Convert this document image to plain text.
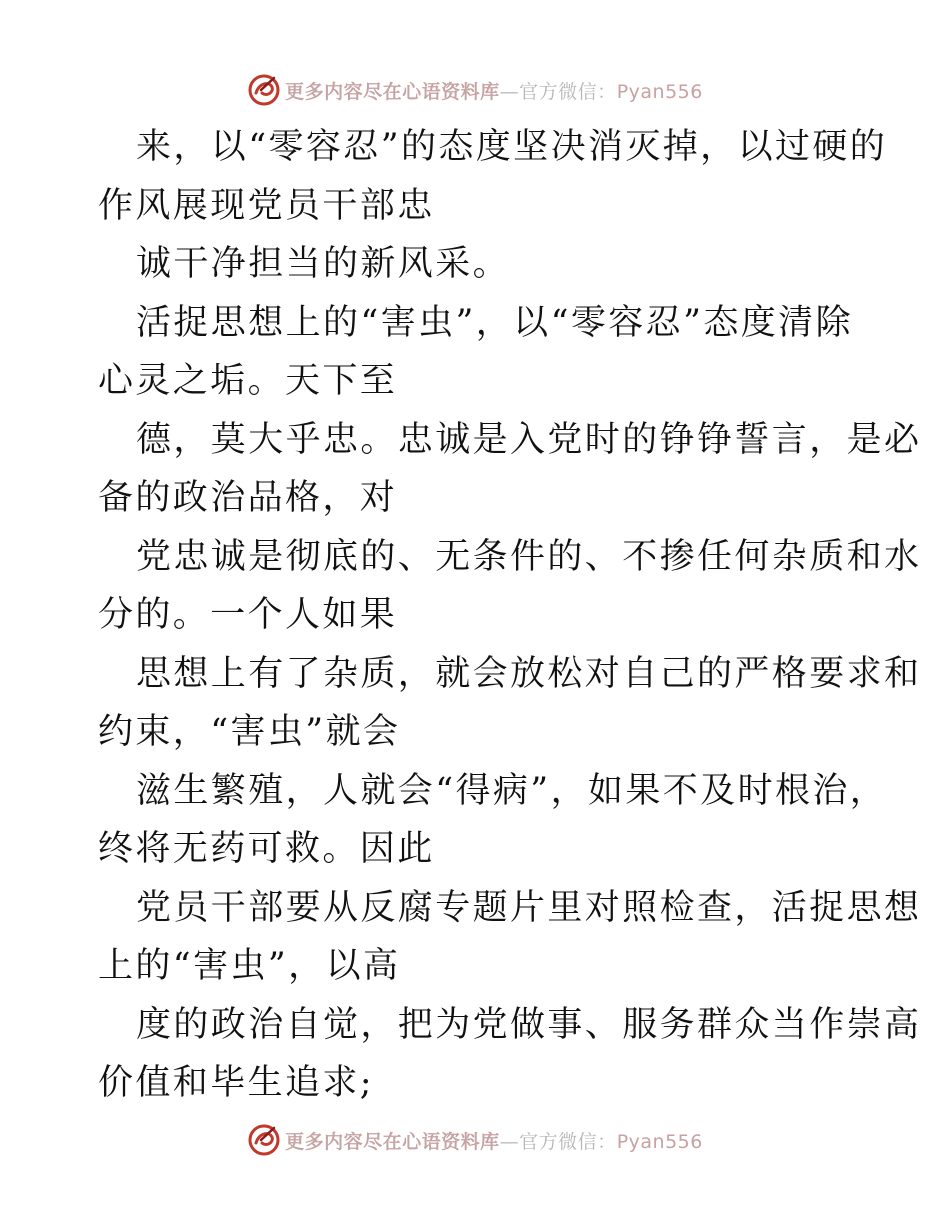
更多内容尽在心语资料库—官方微信：Pyan556
来，以“零容忍”的态度坚决消灭掉，以过硬的
作风展现党员干部忠
诚干净担当的新风采。
活捉思想上的“害虫”，以“零容忍”态度清除
心灵之垢。天下至
德，莫大乎忠。忠诚是入党时的铮铮誓言，是必
备的政治品格，对
党忠诚是彻底的、无条件的、不掺任何杂质和水
分的。一个人如果
思想上有了杂质，就会放松对自己的严格要求和
约束，“害虫”就会
滋生繁殖，人就会“得病”，如果不及时根治，
终将无药可救。因此
党员干部要从反腐专题片里对照检查，活捉思想
上的“害虫”，以高
度的政治自觉，把为党做事、服务群众当作崇高
价值和毕生追求;
更多内容尽在心语资料库—官方微信：Pyan556
